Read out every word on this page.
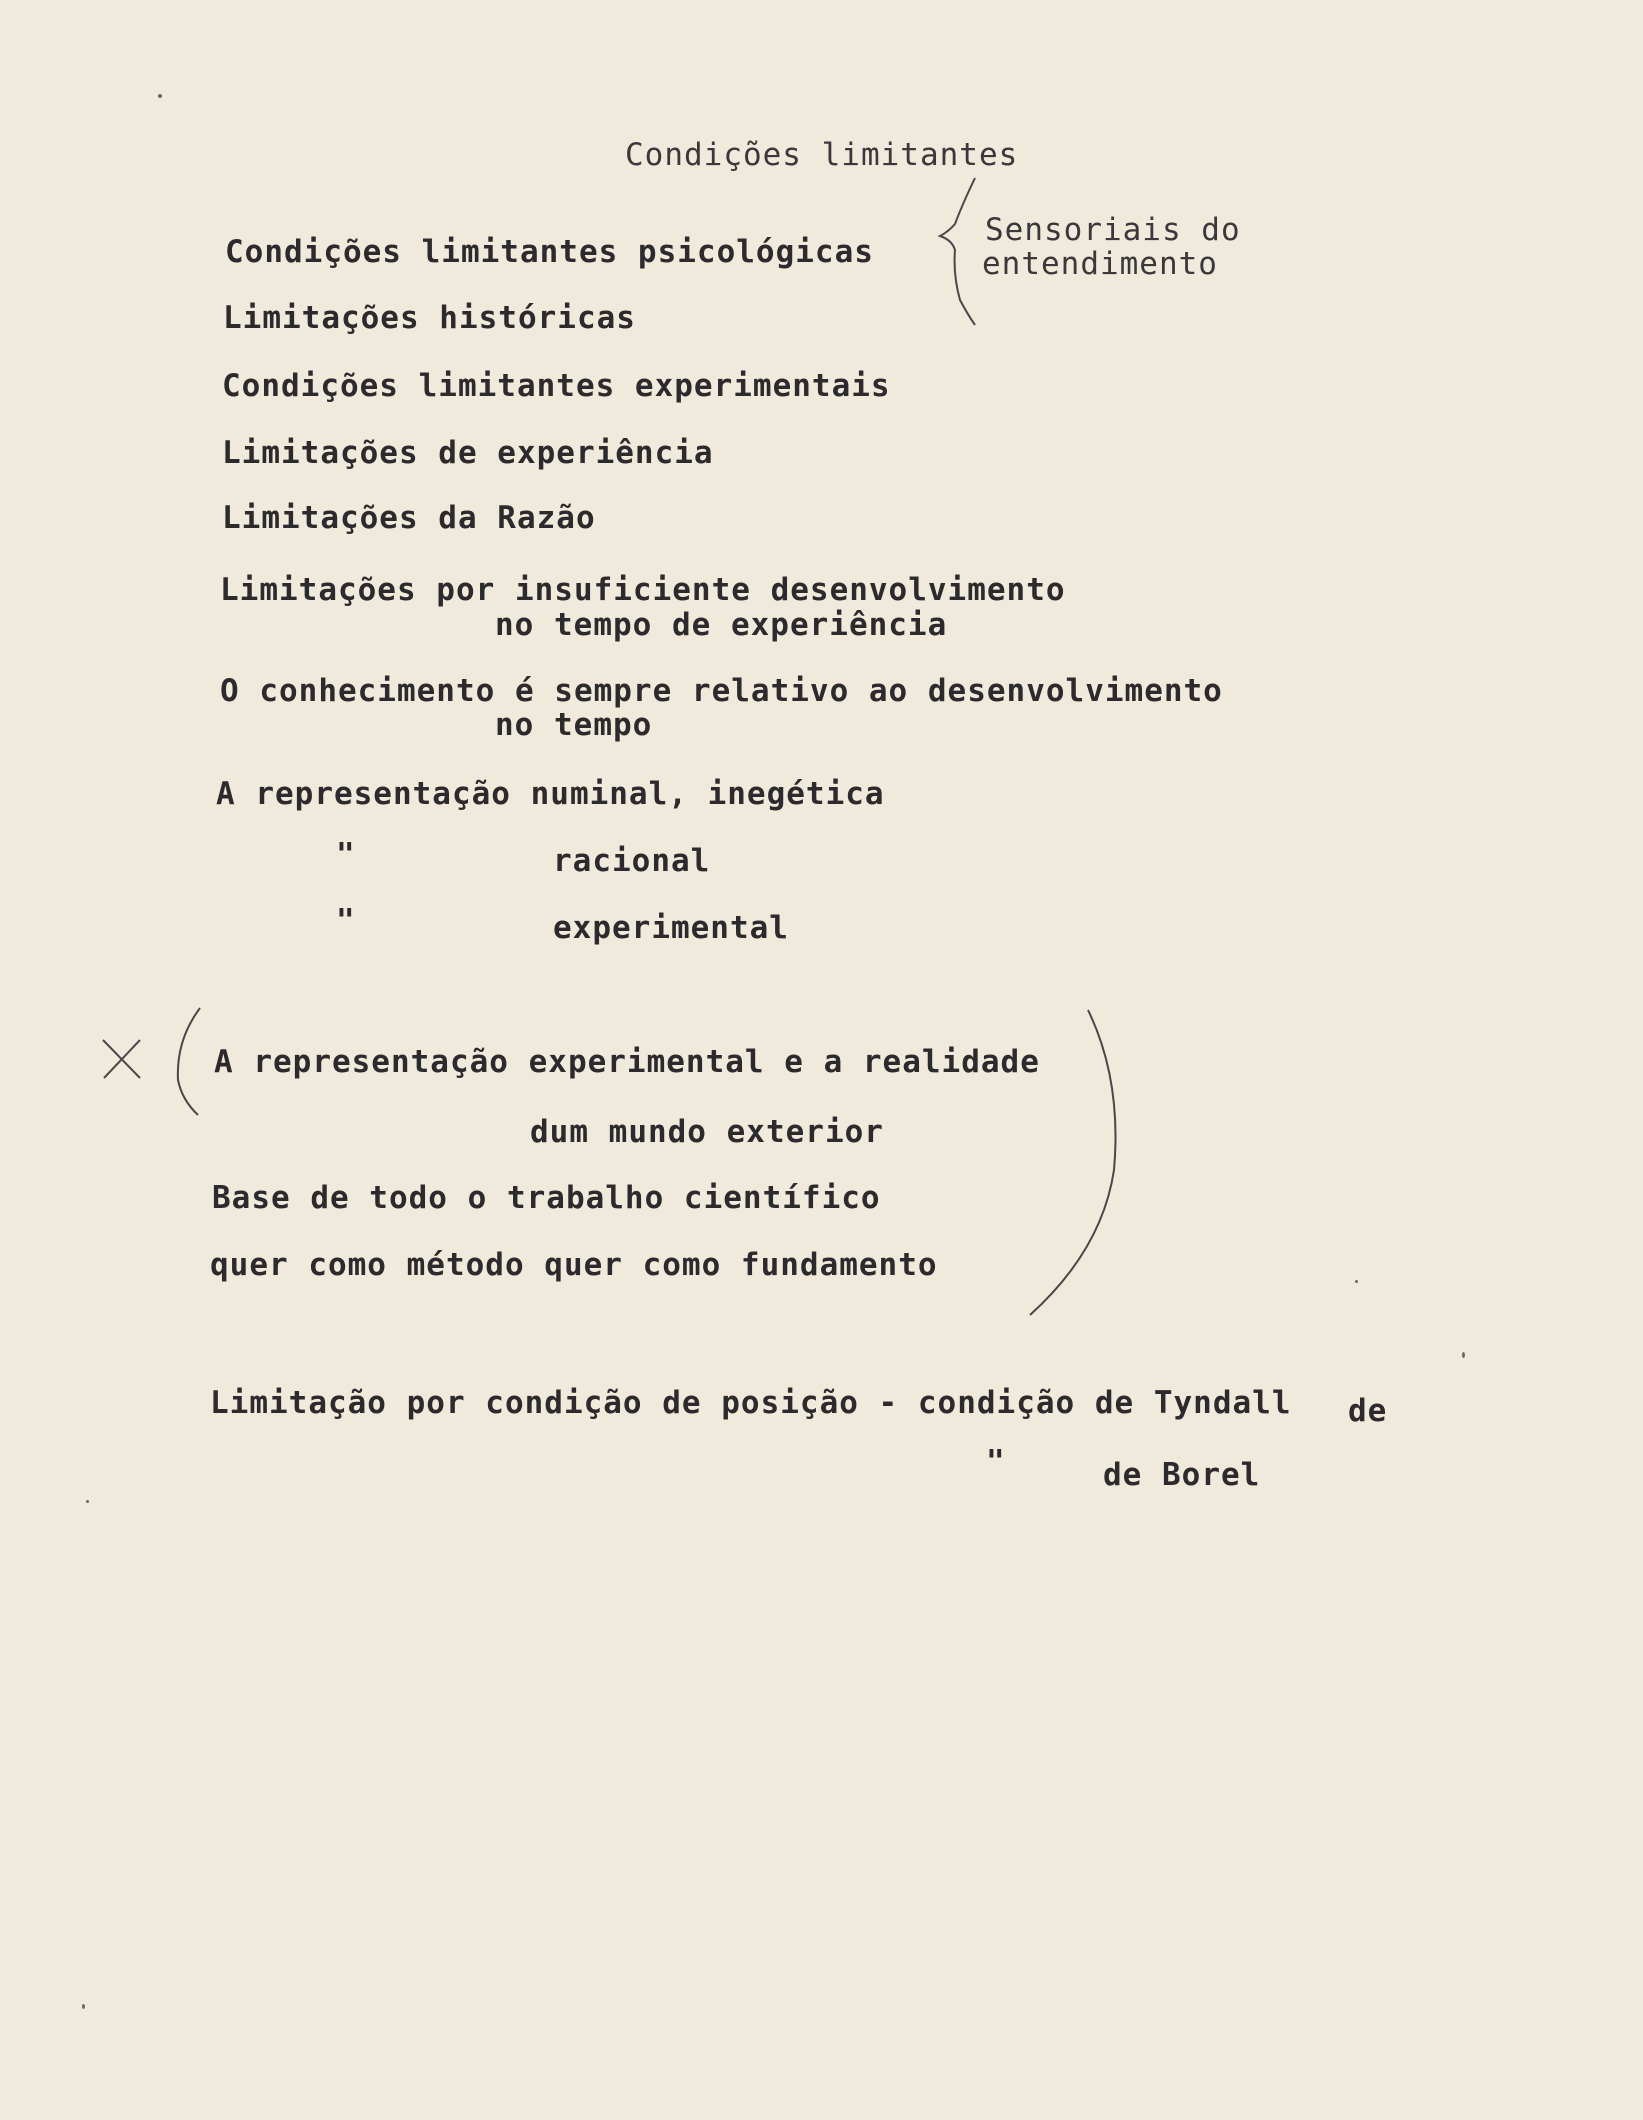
Condições limitantes
Sensoriais do
entendimento
Condições limitantes psicológicas
Limitações históricas
Condições limitantes experimentais
Limitações de experiência
Limitações da Razão
Limitações por insuficiente desenvolvimento
no tempo de experiência
O conhecimento é sempre relativo ao desenvolvimento
no tempo
A representação numinal, inegética
"	racional
"	experimental
A representação experimental e a realidade
dum mundo exterior
Base de todo o trabalho científico
quer como método quer como fundamento
Limitação por condição de posição - condição de Tyndall de
"	de Borel
